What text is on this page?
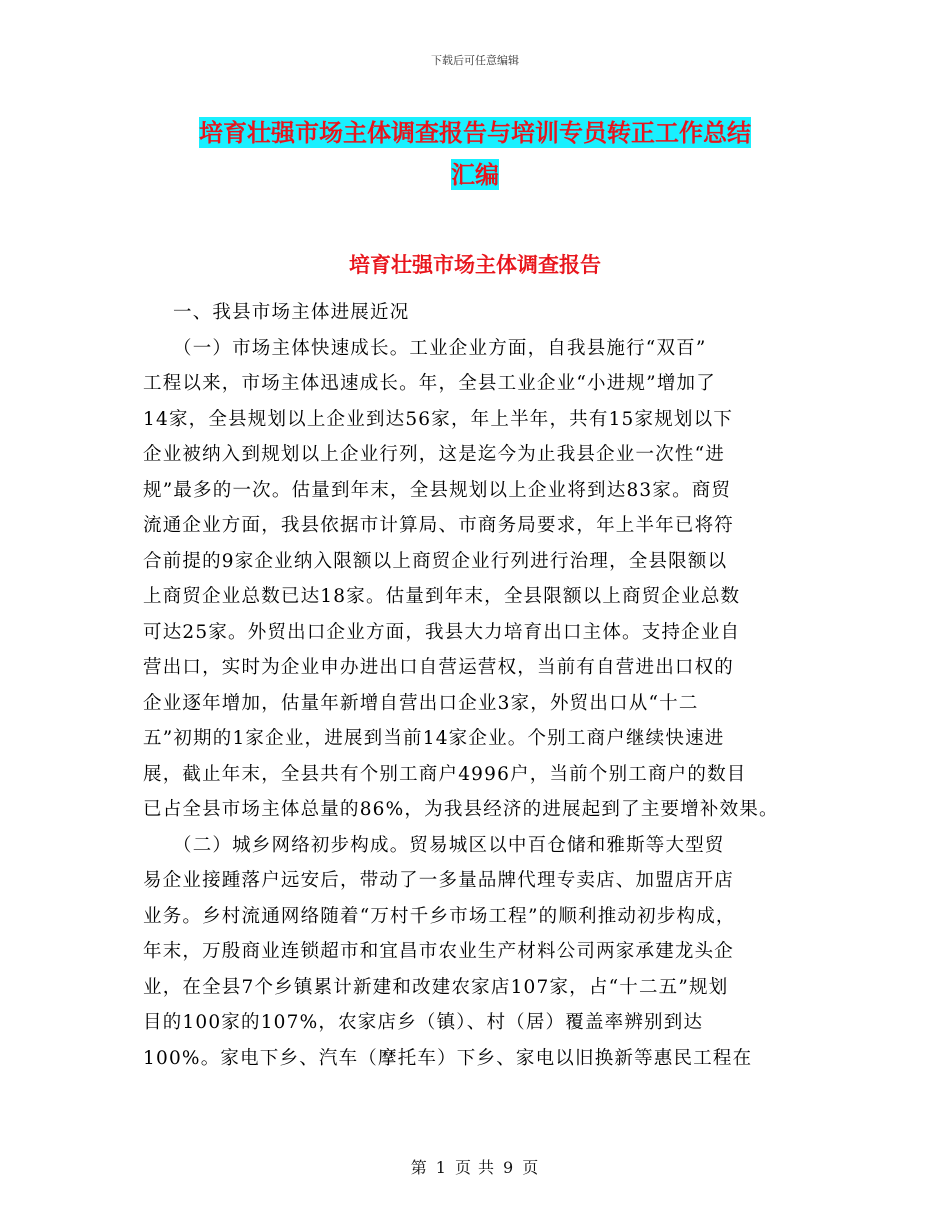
下载后可任意编辑
培育壮强市场主体调查报告与培训专员转正工作总结
汇编
培育壮强市场主体调查报告
一、我县市场主体进展近况
（一）市场主体快速成长。工业企业方面，自我县施行“双百”
工程以来，市场主体迅速成长。年，全县工业企业“小进规”增加了
14家，全县规划以上企业到达56家，年上半年，共有15家规划以下
企业被纳入到规划以上企业行列，这是迄今为止我县企业一次性“进
规”最多的一次。估量到年末，全县规划以上企业将到达83家。商贸
流通企业方面，我县依据市计算局、市商务局要求，年上半年已将符
合前提的9家企业纳入限额以上商贸企业行列进行治理，全县限额以
上商贸企业总数已达18家。估量到年末，全县限额以上商贸企业总数
可达25家。外贸出口企业方面，我县大力培育出口主体。支持企业自
营出口，实时为企业申办进出口自营运营权，当前有自营进出口权的
企业逐年增加，估量年新增自营出口企业3家，外贸出口从“十二
五”初期的1家企业，进展到当前14家企业。个别工商户继续快速进
展，截止年末，全县共有个别工商户4996户，当前个别工商户的数目
已占全县市场主体总量的86%，为我县经济的进展起到了主要增补效果。
（二）城乡网络初步构成。贸易城区以中百仓储和雅斯等大型贸
易企业接踵落户远安后，带动了一多量品牌代理专卖店、加盟店开店
业务。乡村流通网络随着“万村千乡市场工程”的顺利推动初步构成，
年末，万殷商业连锁超市和宜昌市农业生产材料公司两家承建龙头企
业，在全县7个乡镇累计新建和改建农家店107家，占“十二五”规划
目的100家的107%，农家店乡（镇）、村（居）覆盖率辨别到达
100%。家电下乡、汽车（摩托车）下乡、家电以旧换新等惠民工程在
第 1 页 共 9 页
